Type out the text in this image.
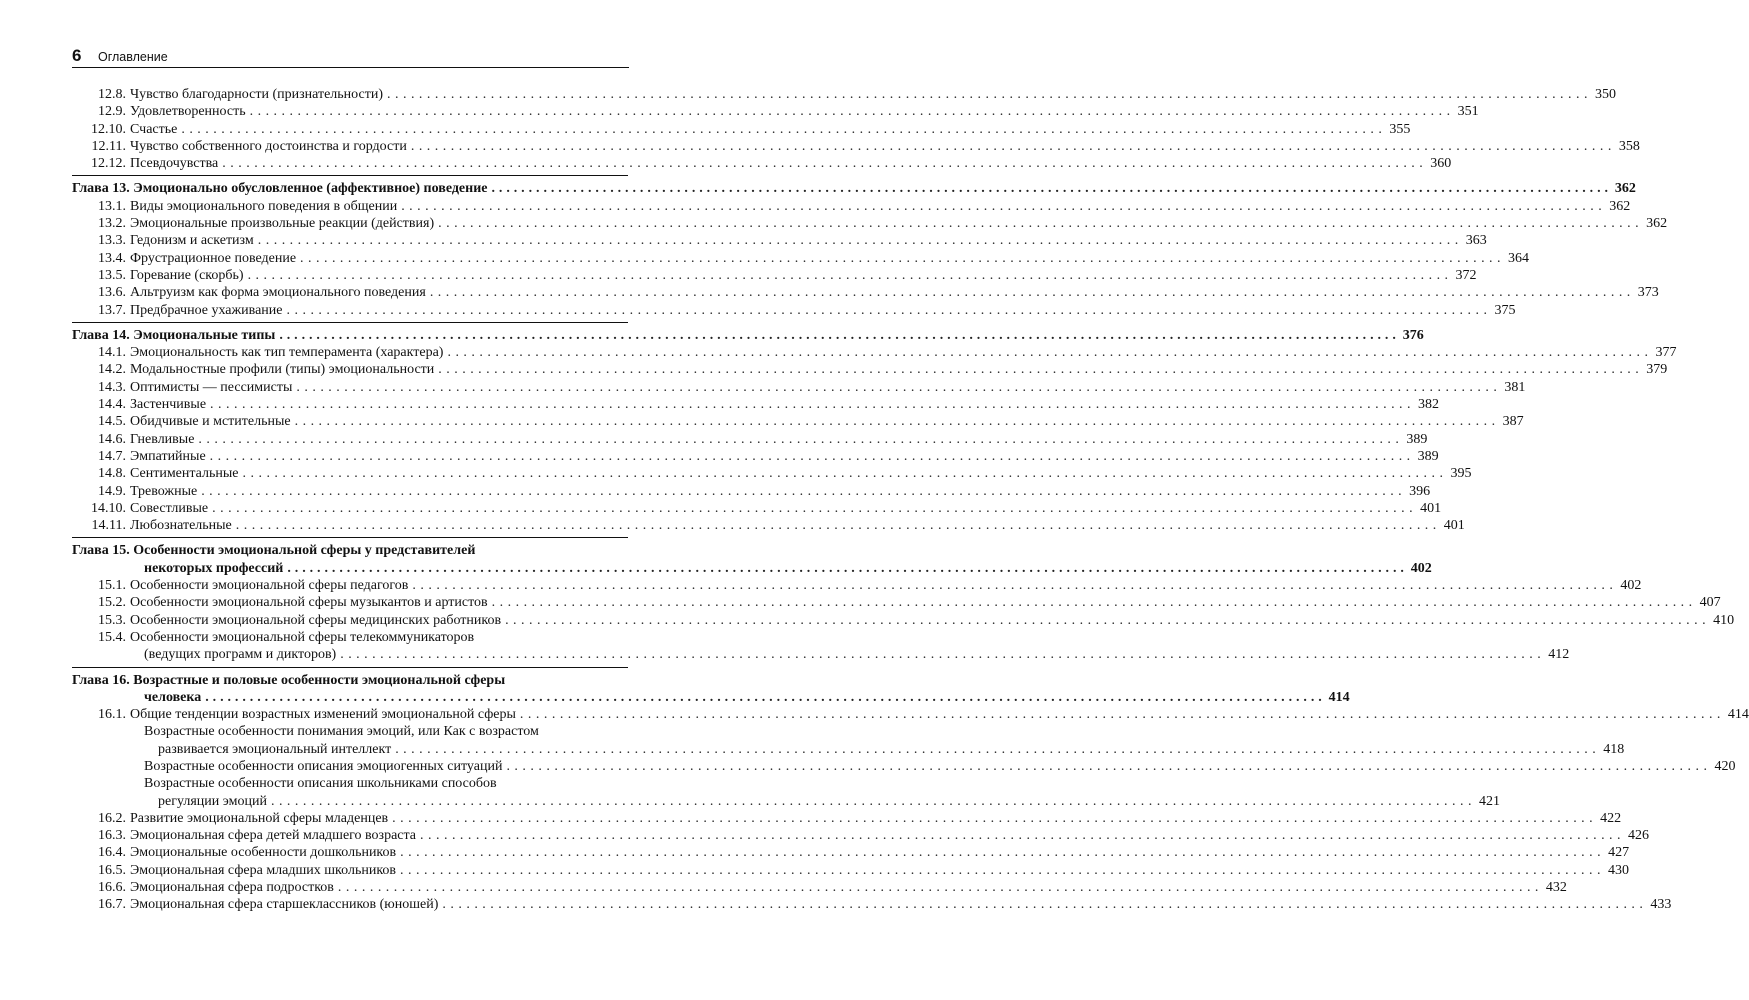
6 Оглавление
12.8. Чувство благодарности (признательности) .....	350
12.9. Удовлетворенность .....	351
12.10. Счастье .....	355
12.11. Чувство собственного достоинства и гордости .....	358
12.12. Псевдочувства .....	360
Глава 13. Эмоционально обусловленное (аффективное) поведение .....	362
13.1. Виды эмоционального поведения в общении .....	362
13.2. Эмоциональные произвольные реакции (действия) .....	362
13.3. Гедонизм и аскетизм .....	363
13.4. Фрустрационное поведение .....	364
13.5. Горевание (скорбь) .....	372
13.6. Альтруизм как форма эмоционального поведения .....	373
13.7. Предбрачное ухаживание .....	375
Глава 14. Эмоциональные типы .....	376
14.1. Эмоциональность как тип темперамента (характера) .....	377
14.2. Модальностные профили (типы) эмоциональности .....	379
14.3. Оптимисты — пессимисты .....	381
14.4. Застенчивые .....	382
14.5. Обидчивые и мстительные .....	387
14.6. Гневливые .....	389
14.7. Эмпатийные .....	389
14.8. Сентиментальные .....	395
14.9. Тревожные .....	396
14.10. Совестливые .....	401
14.11. Любознательные .....	401
Глава 15. Особенности эмоциональной сферы у представителей
некоторых профессий .....	402
15.1. Особенности эмоциональной сферы педагогов .....	402
15.2. Особенности эмоциональной сферы музыкантов и артистов .....	407
15.3. Особенности эмоциональной сферы медицинских работников .....	410
15.4. Особенности эмоциональной сферы телекоммуникаторов
(ведущих программ и дикторов) .....	412
Глава 16. Возрастные и половые особенности эмоциональной сферы
человека .....	414
16.1. Общие тенденции возрастных изменений эмоциональной сферы .....	414
Возрастные особенности понимания эмоций, или Как с возрастом
развивается эмоциональный интеллект .....	418
Возрастные особенности описания эмоциогенных ситуаций .....	420
Возрастные особенности описания школьниками способов
регуляции эмоций .....	421
16.2. Развитие эмоциональной сферы младенцев .....	422
16.3. Эмоциональная сфера детей младшего возраста .....	426
16.4. Эмоциональные особенности дошкольников .....	427
16.5. Эмоциональная сфера младших школьников .....	430
16.6. Эмоциональная сфера подростков .....	432
16.7. Эмоциональная сфера старшеклассников (юношей) .....	433
